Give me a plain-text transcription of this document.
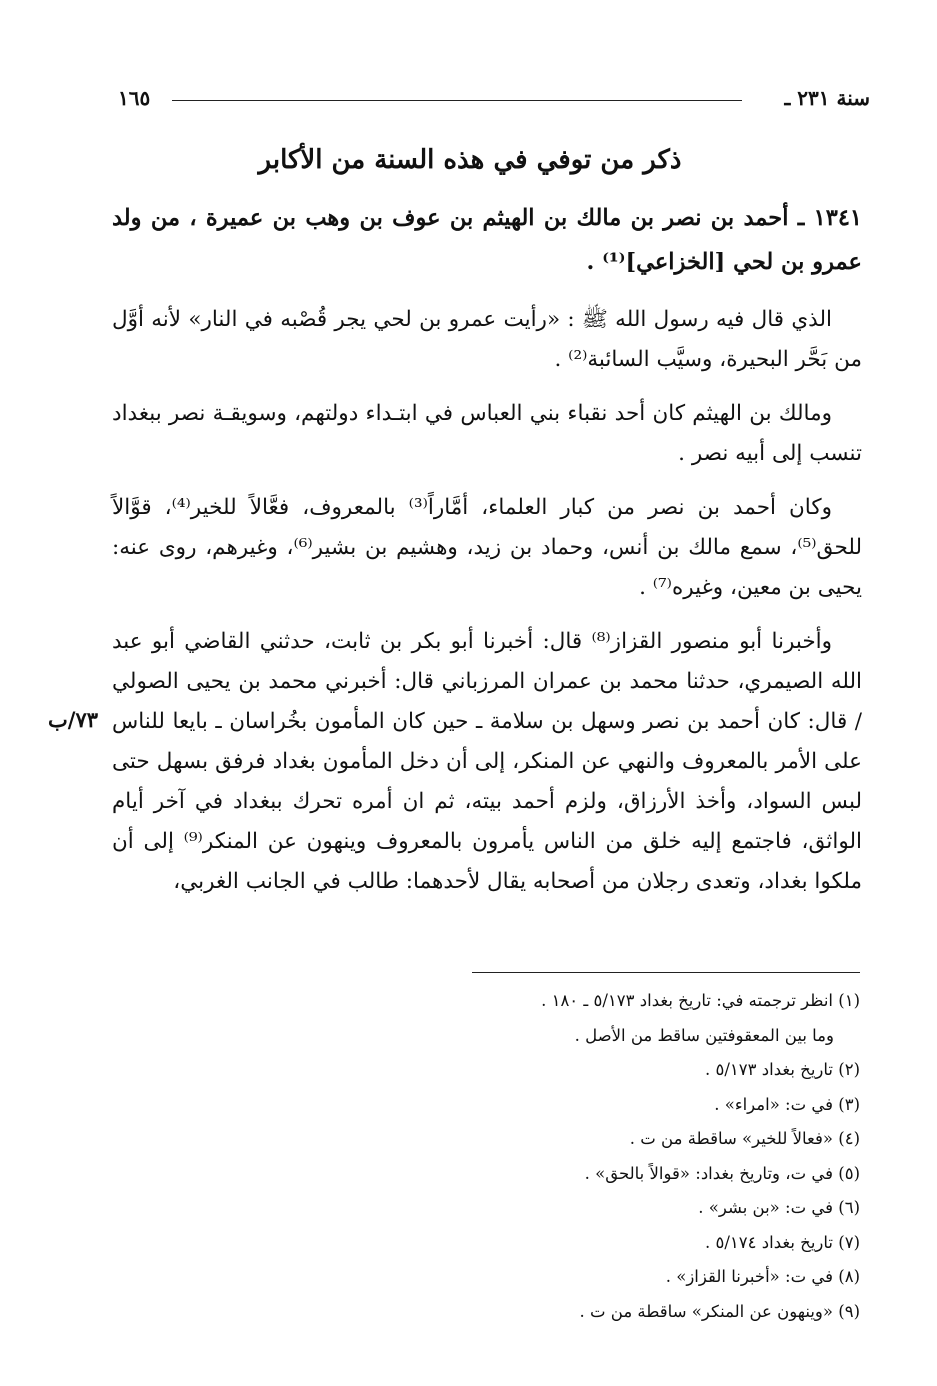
١٦٥	سنة ٢٣١ ـ
ذكر من توفي في هذه السنة من الأكابر

١٣٤١ ـ أحمد بن نصر بن مالك بن الهيثم بن عوف بن وهب بن عميرة ، من ولد عمرو بن لحي [الخزاعي]⁽¹⁾ .

الذي قال فيه رسول الله ﷺ : «رأيت عمرو بن لحي يجر قُصْبه في النار» لأنه أوَّل من بَحَّر البحيرة، وسيَّب السائبة⁽²⁾ .

ومالك بن الهيثم كان أحد نقباء بني العباس في ابتـداء دولتهم، وسويقـة نصر ببغداد تنسب إلى أبيه نصر .

وكان أحمد بن نصر من كبار العلماء، أمَّاراً⁽³⁾ بالمعروف، فعَّالاً للخير⁽⁴⁾، قوَّالاً للحق⁽⁵⁾، سمع مالك بن أنس، وحماد بن زيد، وهشيم بن بشير⁽⁶⁾، وغيرهم، روى عنه: يحيى بن معين، وغيره⁽⁷⁾ .

وأخبرنا أبو منصور القزاز⁽⁸⁾ قال: أخبرنا أبو بكر بن ثابت، حدثني القاضي أبو عبد الله الصيمري، حدثنا محمد بن عمران المرزباني قال: أخبرني محمد بن يحيى الصولي / قال: كان أحمد بن نصر وسهل بن سلامة ـ حين كان المأمون بخُراسان ـ بايعا للناس على الأمر بالمعروف والنهي عن المنكر، إلى أن دخل المأمون بغداد فرفق بسهل حتى لبس السواد، وأخذ الأرزاق، ولزم أحمد بيته، ثم ان أمره تحرك ببغداد في آخر أيام الواثق، فاجتمع إليه خلق من الناس يأمرون بالمعروف وينهون عن المنكر⁽⁹⁾ إلى أن ملكوا بغداد، وتعدى رجلان من أصحابه يقال لأحدهما: طالب في الجانب الغربي،

٧٣/ب

(١) انظر ترجمته في: تاريخ بغداد ٥/١٧٣ ـ ١٨٠ .

وما بين المعقوفتين ساقط من الأصل .

(٢) تاريخ بغداد ٥/١٧٣ .

(٣) في ت: «امراء» .

(٤) «فعالاً للخير» ساقطة من ت .

(٥) في ت، وتاريخ بغداد: «قوالاً بالحق» .

(٦) في ت: «بن بشر» .

(٧) تاريخ بغداد ٥/١٧٤ .

(٨) في ت: «أخبرنا القزاز» .

(٩) «وينهون عن المنكر» ساقطة من ت .
